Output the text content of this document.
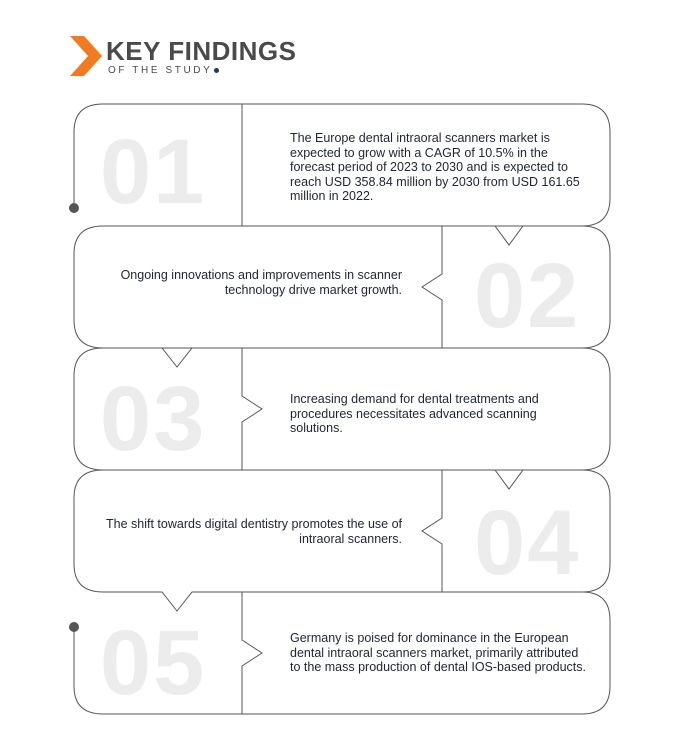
KEY FINDINGS
OF THE STUDY
01
02
03
04
05
The Europe dental intraoral scanners market is expected to grow with a CAGR of 10.5% in the forecast period of 2023 to 2030 and is expected to reach USD 358.84 million by 2030 from USD 161.65 million in 2022.
Ongoing innovations and improvements in scanner technology drive market growth.
Increasing demand for dental treatments and procedures necessitates advanced scanning solutions.
The shift towards digital dentistry promotes the use of intraoral scanners.
Germany is poised for dominance in the European dental intraoral scanners market, primarily attributed to the mass production of dental IOS-based products.
